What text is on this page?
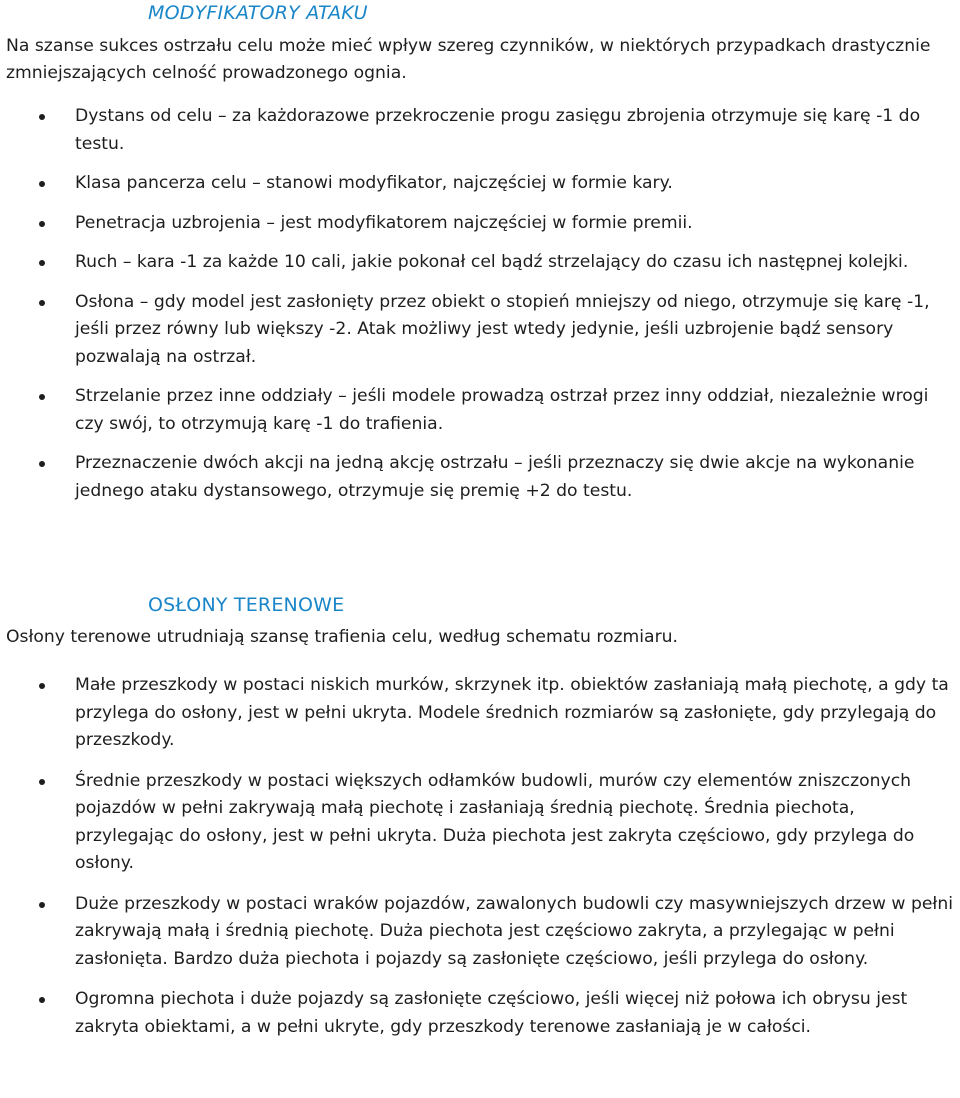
MODYFIKATORY ATAKU

Na szanse sukces ostrzału celu może mieć wpływ szereg czynników, w niektórych przypadkach drastycznie zmniejszających celność prowadzonego ognia.

Dystans od celu – za każdorazowe przekroczenie progu zasięgu zbrojenia otrzymuje się karę -1 do testu.
Klasa pancerza celu – stanowi modyfikator, najczęściej w formie kary.
Penetracja uzbrojenia – jest modyfikatorem najczęściej w formie premii.
Ruch – kara -1 za każde 10 cali, jakie pokonał cel bądź strzelający do czasu ich następnej kolejki.
Osłona – gdy model jest zasłonięty przez obiekt o stopień mniejszy od niego, otrzymuje się karę -1, jeśli przez równy lub większy -2. Atak możliwy jest wtedy jedynie, jeśli uzbrojenie bądź sensory pozwalają na ostrzał.
Strzelanie przez inne oddziały – jeśli modele prowadzą ostrzał przez inny oddział, niezależnie wrogi czy swój, to otrzymują karę -1 do trafienia.
Przeznaczenie dwóch akcji na jedną akcję ostrzału – jeśli przeznaczy się dwie akcje na wykonanie jednego ataku dystansowego, otrzymuje się premię +2 do testu.
OSŁONY TERENOWE

Osłony terenowe utrudniają szansę trafienia celu, według schematu rozmiaru.

Małe przeszkody w postaci niskich murków, skrzynek itp. obiektów zasłaniają małą piechotę, a gdy ta przylega do osłony, jest w pełni ukryta. Modele średnich rozmiarów są zasłonięte, gdy przylegają do przeszkody.
Średnie przeszkody w postaci większych odłamków budowli, murów czy elementów zniszczonych pojazdów w pełni zakrywają małą piechotę i zasłaniają średnią piechotę. Średnia piechota, przylegając do osłony, jest w pełni ukryta. Duża piechota jest zakryta częściowo, gdy przylega do osłony.
Duże przeszkody w postaci wraków pojazdów, zawalonych budowli czy masywniejszych drzew w pełni zakrywają małą i średnią piechotę. Duża piechota jest częściowo zakryta, a przylegając w pełni zasłonięta. Bardzo duża piechota i pojazdy są zasłonięte częściowo, jeśli przylega do osłony.
Ogromna piechota i duże pojazdy są zasłonięte częściowo, jeśli więcej niż połowa ich obrysu jest zakryta obiektami, a w pełni ukryte, gdy przeszkody terenowe zasłaniają je w całości.
